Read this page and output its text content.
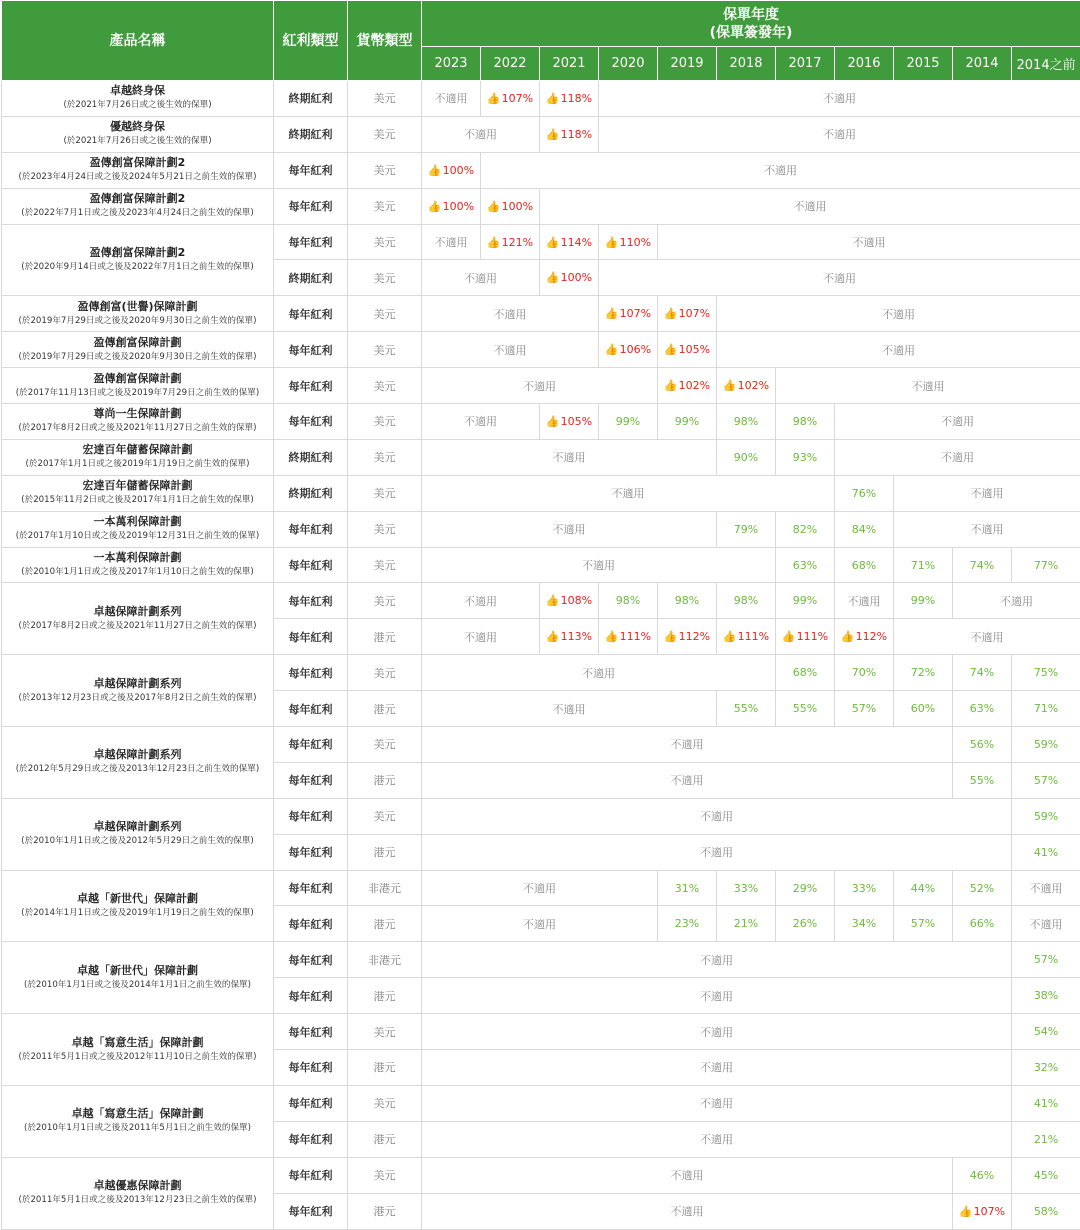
產品名稱	紅利類型	貨幣類型	保單年度
(保單簽發年)										
			2023	2022	2021	2020	2019	2018	2017	2016	2015	2014	2014之前

卓越終身保
(於2021年7月26日或之後生效的保單)	終期紅利	美元	不適用	👍107%	👍118%	不適用							

優越終身保
(於2021年7月26日或之後生效的保單)	終期紅利	美元	不適用		👍118%	不適用							

盈傳創富保障計劃2
(於2023年4月24日或之後及2024年5月21日之前生效的保單)	每年紅利	美元	👍100%	不適用									

盈傳創富保障計劃2
(於2022年7月1日或之後及2023年4月24日之前生效的保單)	每年紅利	美元	👍100%	👍100%	不適用								

盈傳創富保障計劃2
(於2020年9月14日或之後及2022年7月1日之前生效的保單)	每年紅利	美元	不適用	👍121%	👍114%	👍110%	不適用						
	終期紅利	美元	不適用		👍100%	不適用							

盈傳創富(世譽)保障計劃
(於2019年7月29日或之後及2020年9月30日之前生效的保單)	每年紅利	美元	不適用			👍107%	👍107%	不適用					

盈傳創富保障計劃
(於2019年7月29日或之後及2020年9月30日之前生效的保單)	每年紅利	美元	不適用			👍106%	👍105%	不適用					

盈傳創富保障計劃
(於2017年11月13日或之後及2019年7月29日之前生效的保單)	每年紅利	美元	不適用				👍102%	👍102%	不適用				

尊尚一生保障計劃
(於2017年8月2日或之後及2021年11月27日之前生效的保單)	每年紅利	美元	不適用		👍105%	99%	99%	98%	98%	不適用			

宏達百年儲蓄保障計劃
(於2017年1月1日或之後2019年1月19日之前生效的保單)	終期紅利	美元	不適用					90%	93%	不適用			

宏達百年儲蓄保障計劃
(於2015年11月2日或之後及2017年1月1日之前生效的保單)	終期紅利	美元	不適用							76%	不適用		

一本萬利保障計劃
(於2017年1月10日或之後及2019年12月31日之前生效的保單)	每年紅利	美元	不適用					79%	82%	84%	不適用		

一本萬利保障計劃
(於2010年1月1日或之後及2017年1月10日之前生效的保單)	每年紅利	美元	不適用						63%	68%	71%	74%	77%

卓越保障計劃系列
(於2017年8月2日或之後及2021年11月27日之前生效的保單)	每年紅利	美元	不適用		👍108%	98%	98%	98%	99%	不適用	99%	不適用	
	每年紅利	港元	不適用		👍113%	👍111%	👍112%	👍111%	👍111%	👍112%	不適用		

卓越保障計劃系列
(於2013年12月23日或之後及2017年8月2日之前生效的保單)	每年紅利	美元	不適用						68%	70%	72%	74%	75%
	每年紅利	港元	不適用					55%	55%	57%	60%	63%	71%

卓越保障計劃系列
(於2012年5月29日或之後及2013年12月23日之前生效的保單)	每年紅利	美元	不適用									56%	59%
	每年紅利	港元	不適用									55%	57%

卓越保障計劃系列
(於2010年1月1日或之後及2012年5月29日之前生效的保單)	每年紅利	美元	不適用										59%
	每年紅利	港元	不適用										41%

卓越「新世代」保障計劃
(於2014年1月1日或之後及2019年1月19日之前生效的保單)	每年紅利	非港元	不適用				31%	33%	29%	33%	44%	52%	不適用
	每年紅利	港元	不適用				23%	21%	26%	34%	57%	66%	不適用

卓越「新世代」保障計劃
(於2010年1月1日或之後及2014年1月1日之前生效的保單)	每年紅利	非港元	不適用										57%
	每年紅利	港元	不適用										38%

卓越「寫意生活」保障計劃
(於2011年5月1日或之後及2012年11月10日之前生效的保單)	每年紅利	美元	不適用										54%
	每年紅利	港元	不適用										32%

卓越「寫意生活」保障計劃
(於2010年1月1日或之後及2011年5月1日之前生效的保單)	每年紅利	美元	不適用										41%
	每年紅利	港元	不適用										21%

卓越優惠保障計劃
(於2011年5月1日或之後及2013年12月23日之前生效的保單)	每年紅利	美元	不適用									46%	45%
	每年紅利	港元	不適用									👍107%	58%
